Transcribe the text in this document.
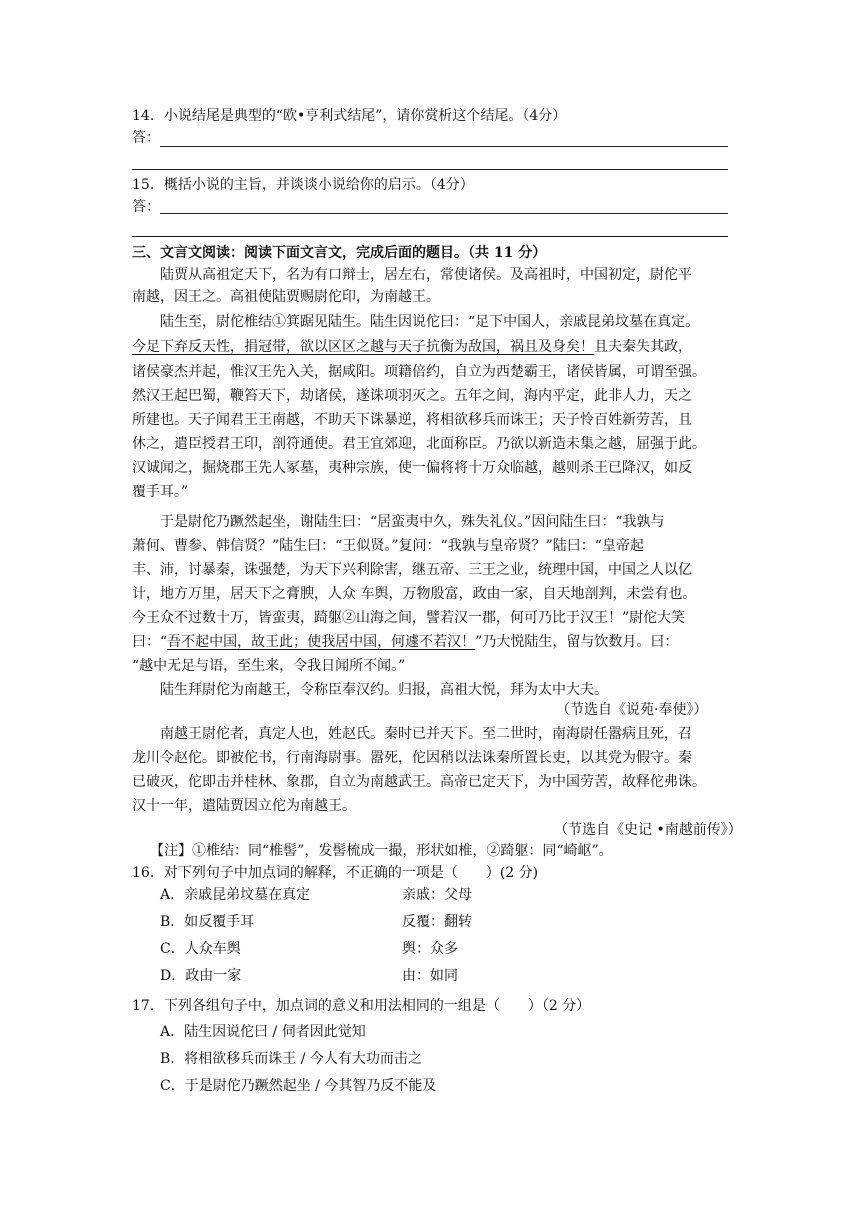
14．小说结尾是典型的“欧•亨利式结尾”，请你赏析这个结尾。（4分）
答：
15．概括小说的主旨，并谈谈小说给你的启示。（4分）
答：
三、文言文阅读：阅读下面文言文，完成后面的题目。（共 11 分）
陆贾从高祖定天下，名为有口辩士，居左右，常使诸侯。及高祖时，中国初定，尉佗平
南越，因王之。高祖使陆贾赐尉佗印，为南越王。
陆生至，尉佗椎结①箕踞见陆生。陆生因说佗曰：“足下中国人，亲戚昆弟坟墓在真定。
今足下弃反天性，捐冠带，欲以区区之越与天子抗衡为敌国，祸且及身矣！且夫秦失其政，
诸侯豪杰并起，惟汉王先入关，据咸阳。项籍倍约，自立为西楚霸王，诸侯皆属，可谓至强。
然汉王起巴蜀，鞭笞天下，劫诸侯，遂诛项羽灭之。五年之间，海内平定，此非人力，天之
所建也。天子闻君王王南越，不助天下诛暴逆，将相欲移兵而诛王；天子怜百姓新劳苦，且
休之，遣臣授君王印，剖符通使。君王宜郊迎，北面称臣。乃欲以新造未集之越，屈强于此。
汉诚闻之，掘烧郡王先人冢墓，夷种宗族，使一偏将将十万众临越，越则杀王已降汉，如反
覆手耳。”
于是尉佗乃蹶然起坐，谢陆生曰：“居蛮夷中久，殊失礼仪。”因问陆生曰：“我孰与
萧何、曹参、韩信贤？”陆生曰：“王似贤。”复问：“我孰与皇帝贤？”陆曰：“皇帝起
丰、沛，讨暴秦，诛强楚，为天下兴利除害，继五帝、三王之业，统理中国，中国之人以亿
计，地方万里，居天下之膏腴，人众 车舆，万物殷富，政由一家，自天地剖判，未尝有也。
今王众不过数十万，皆蛮夷，踦躯②山海之间，譬若汉一郡，何可乃比于汉王！”尉佗大笑
曰：“吾不起中国，故王此；使我居中国，何遽不若汉！”乃大悦陆生，留与饮数月。曰：
“越中无足与语，至生来，令我日闻所不闻。”
陆生拜尉佗为南越王，令称臣奉汉约。归报，高祖大悦，拜为太中大夫。
（节选自《说苑·奉使》）
南越王尉佗者，真定人也，姓赵氏。秦时已并天下。至二世时，南海尉任嚣病且死，召
龙川令赵佗。即被佗书，行南海尉事。嚣死，佗因稍以法诛秦所置长吏，以其党为假守。秦
已破灭，佗即击并桂林、象郡，自立为南越武王。高帝已定天下，为中国劳苦，故释佗弗诛。
汉十一年，遣陆贾因立佗为南越王。
（节选自《史记 •南越前传》）
【注】①椎结：同“椎髻”，发髻梳成一撮，形状如椎，②踦躯：同“崎岖”。
16．对下列句子中加点词的解释，不正确的一项是（　　）(2 分)
A．亲戚昆弟坟墓在真定	亲戚：父母
B．如反覆手耳	反覆：翻转
C．人众车舆	舆：众多
D．政由一家	由：如同
17．下列各组句子中，加点词的意义和用法相同的一组是（　　）（2 分）
A．陆生因说佗曰 / 伺者因此觉知
B．将相欲移兵而诛王 / 今人有大功而击之
C．于是尉佗乃蹶然起坐 / 今其智乃反不能及
